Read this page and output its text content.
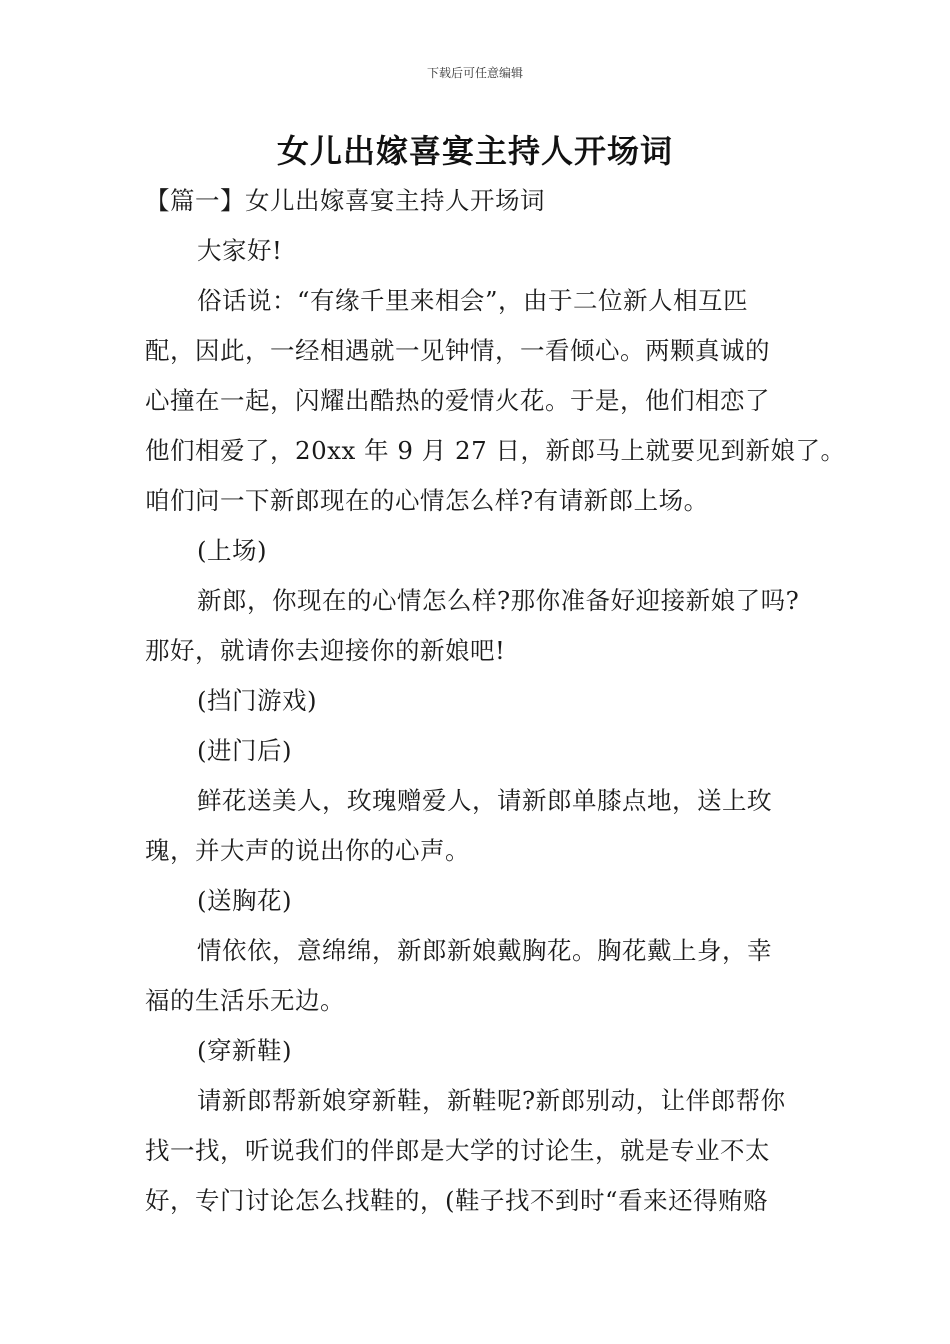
下载后可任意编辑
女儿出嫁喜宴主持人开场词
【篇一】女儿出嫁喜宴主持人开场词
大家好!
俗话说：“有缘千里来相会”，由于二位新人相互匹
配，因此，一经相遇就一见钟情，一看倾心。两颗真诚的
心撞在一起，闪耀出酷热的爱情火花。于是，他们相恋了
他们相爱了，20xx 年 9 月 27 日，新郎马上就要见到新娘了。
咱们问一下新郎现在的心情怎么样?有请新郎上场。
(上场)
新郎，你现在的心情怎么样?那你准备好迎接新娘了吗?
那好，就请你去迎接你的新娘吧!
(挡门游戏)
(进门后)
鲜花送美人，玫瑰赠爱人，请新郎单膝点地，送上玫
瑰，并大声的说出你的心声。
(送胸花)
情依依，意绵绵，新郎新娘戴胸花。胸花戴上身，幸
福的生活乐无边。
(穿新鞋)
请新郎帮新娘穿新鞋，新鞋呢?新郎别动，让伴郎帮你
找一找，听说我们的伴郎是大学的讨论生，就是专业不太
好，专门讨论怎么找鞋的，(鞋子找不到时“看来还得贿赂
